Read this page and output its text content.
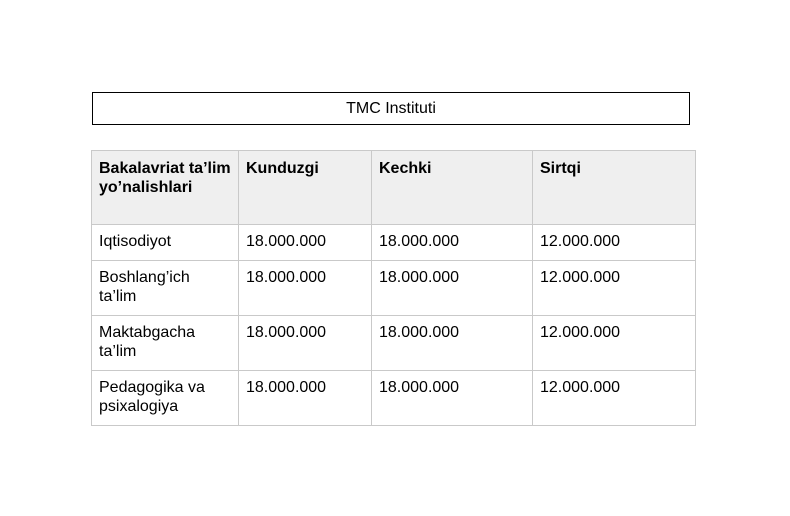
TMC Instituti
Bakalavriat ta’lim yo’nalishlari	Kunduzgi	Kechki	Sirtqi
Iqtisodiyot	18.000.000	18.000.000	12.000.000
Boshlang’ich ta’lim	18.000.000	18.000.000	12.000.000
Maktabgacha ta’lim	18.000.000	18.000.000	12.000.000
Pedagogika va psixalogiya	18.000.000	18.000.000	12.000.000
